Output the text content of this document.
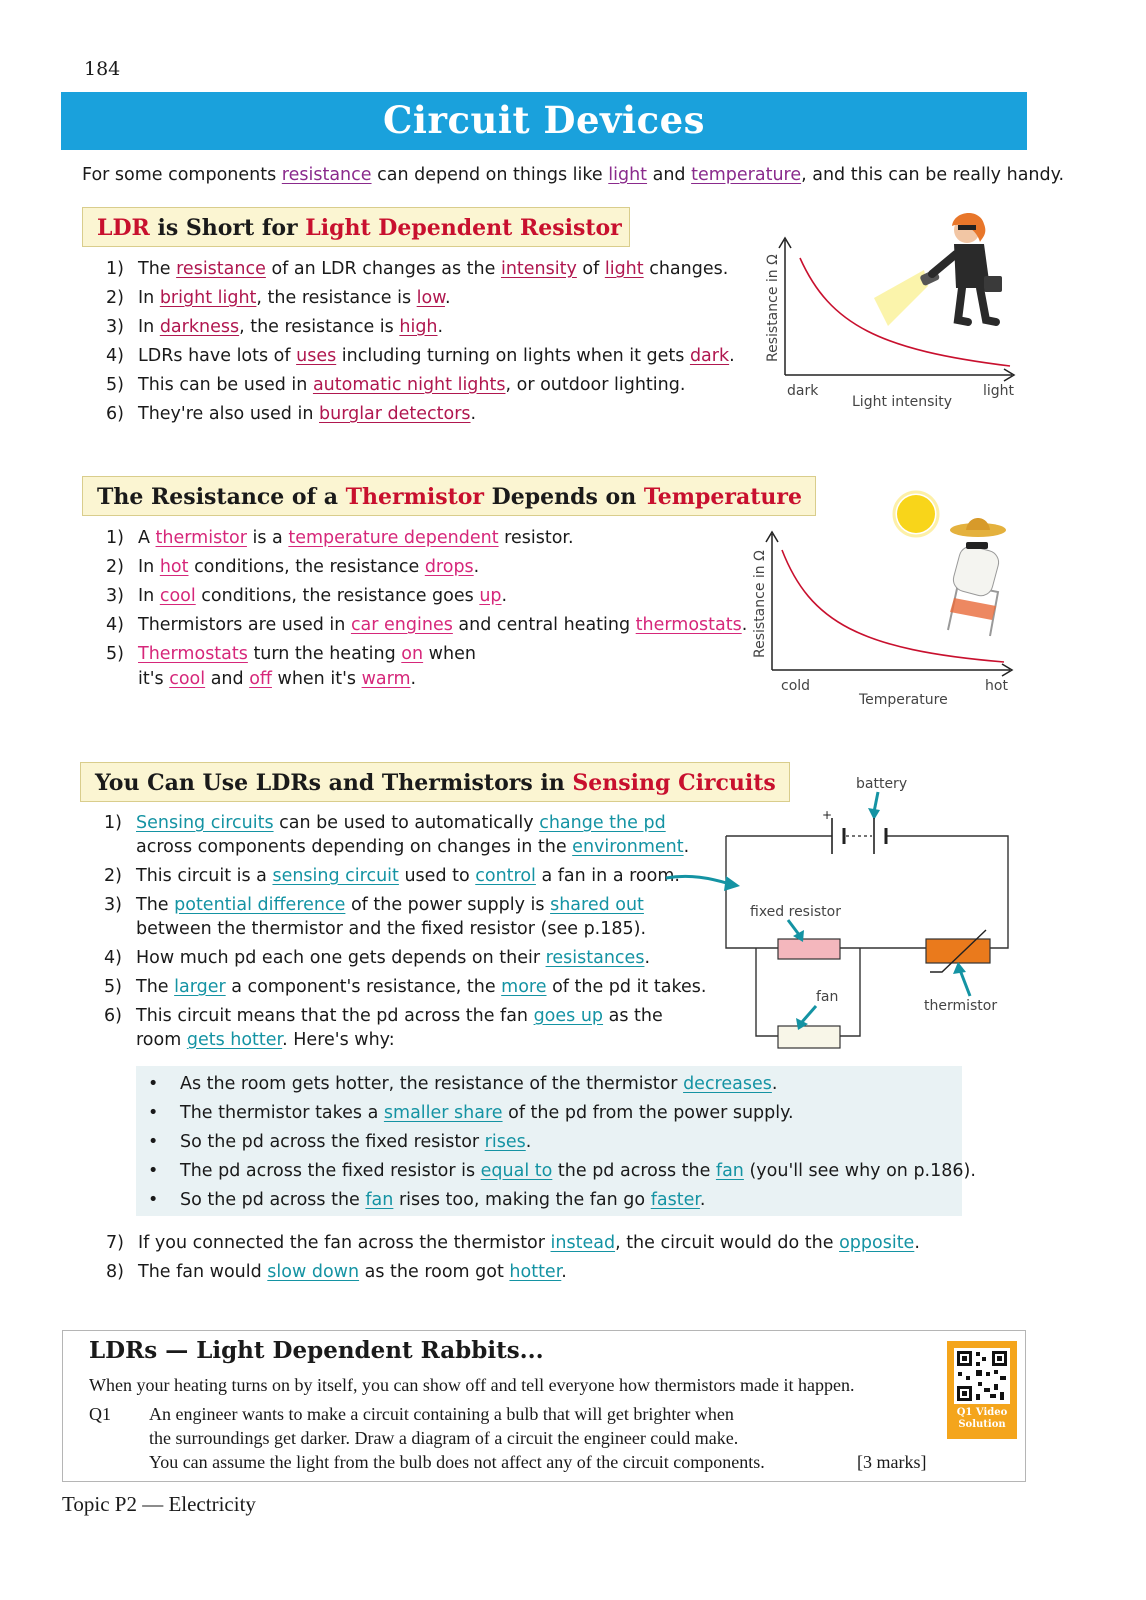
184
Circuit Devices
For some components resistance can depend on things like light and temperature, and this can be really handy.
LDR is Short for Light Dependent Resistor
1) The resistance of an LDR changes as the intensity of light changes.
2) In bright light, the resistance is low.
3) In darkness, the resistance is high.
4) LDRs have lots of uses including turning on lights when it gets dark.
5) This can be used in automatic night lights, or outdoor lighting.
6) They're also used in burglar detectors.
Resistance in Ω
dark
Light intensity
light
The Resistance of a Thermistor Depends on Temperature
1) A thermistor is a temperature dependent resistor.
2) In hot conditions, the resistance drops.
3) In cool conditions, the resistance goes up.
4) Thermistors are used in car engines and central heating thermostats.
5) Thermostats turn the heating on when
it's cool and off when it's warm.
Resistance in Ω
cold
Temperature
hot
You Can Use LDRs and Thermistors in Sensing Circuits
1) Sensing circuits can be used to automatically change the pd
across components depending on changes in the environment.
2) This circuit is a sensing circuit used to control a fan in a room.
3) The potential difference of the power supply is shared out
between the thermistor and the fixed resistor (see p.185).
4) How much pd each one gets depends on their resistances.
5) The larger a component's resistance, the more of the pd it takes.
6) This circuit means that the pd across the fan goes up as the
room gets hotter. Here's why:
battery
+
fixed resistor
fan
thermistor
• As the room gets hotter, the resistance of the thermistor decreases.
• The thermistor takes a smaller share of the pd from the power supply.
• So the pd across the fixed resistor rises.
• The pd across the fixed resistor is equal to the pd across the fan (you'll see why on p.186).
• So the pd across the fan rises too, making the fan go faster.
7) If you connected the fan across the thermistor instead, the circuit would do the opposite.
8) The fan would slow down as the room got hotter.
LDRs — Light Dependent Rabbits...
When your heating turns on by itself, you can show off and tell everyone how thermistors made it happen.
Q1 An engineer wants to make a circuit containing a bulb that will get brighter when
the surroundings get darker. Draw a diagram of a circuit the engineer could make.
You can assume the light from the bulb does not affect any of the circuit components.	[3 marks]
Q1 Video
Solution
Topic P2 — Electricity
